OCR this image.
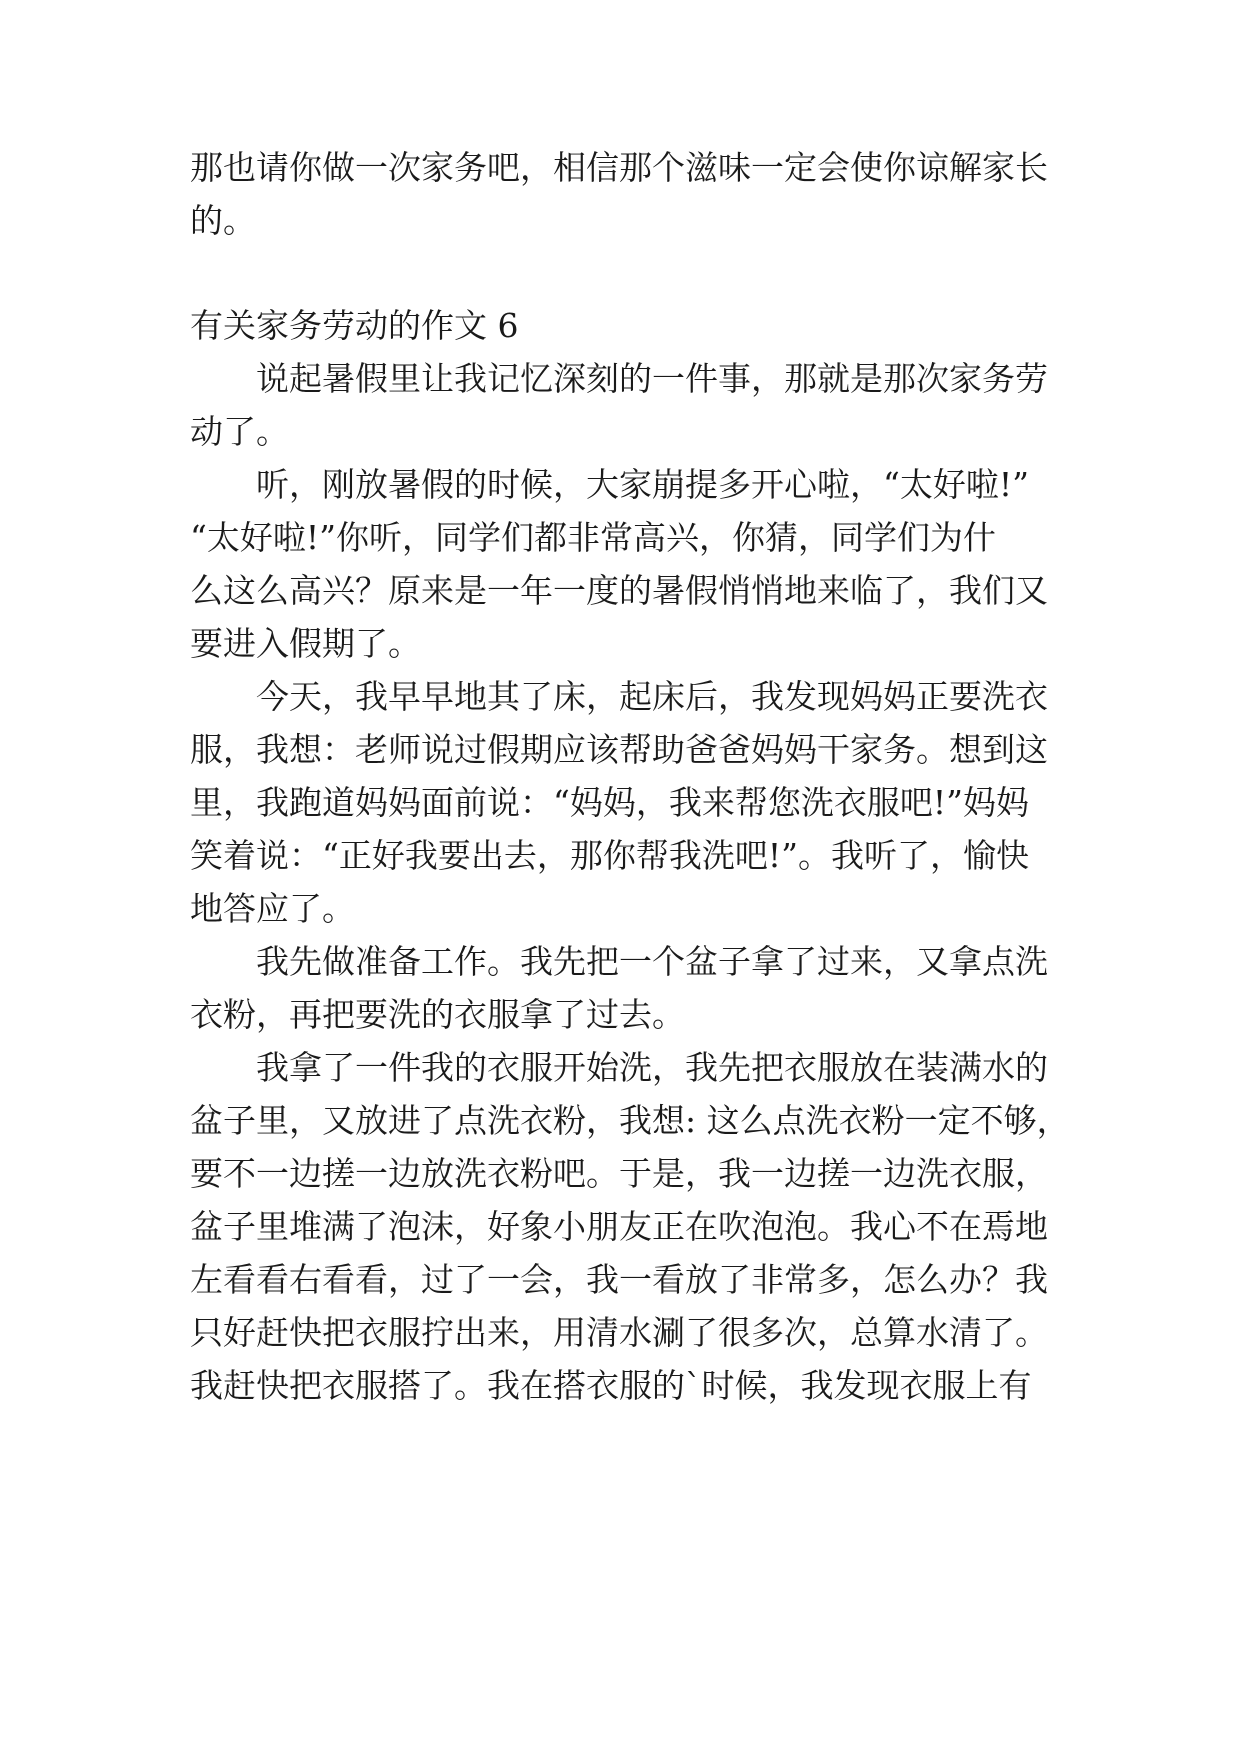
那也请你做一次家务吧，相信那个滋味一定会使你谅解家长

的。

有关家务劳动的作文 6

说起暑假里让我记忆深刻的一件事，那就是那次家务劳

动了。

听，刚放暑假的时候，大家崩提多开心啦，“太好啦!”

“太好啦!”你听，同学们都非常高兴，你猜，同学们为什

么这么高兴？原来是一年一度的暑假悄悄地来临了，我们又

要进入假期了。

今天，我早早地其了床，起床后，我发现妈妈正要洗衣

服，我想：老师说过假期应该帮助爸爸妈妈干家务。想到这

里，我跑道妈妈面前说：“妈妈，我来帮您洗衣服吧!”妈妈

笑着说：“正好我要出去，那你帮我洗吧!”。我听了，愉快

地答应了。

我先做准备工作。我先把一个盆子拿了过来，又拿点洗

衣粉，再把要洗的衣服拿了过去。

我拿了一件我的衣服开始洗，我先把衣服放在装满水的

盆子里，又放进了点洗衣粉，我想: 这么点洗衣粉一定不够，

要不一边搓一边放洗衣粉吧。于是，我一边搓一边洗衣服，

盆子里堆满了泡沫，好象小朋友正在吹泡泡。我心不在焉地

左看看右看看，过了一会，我一看放了非常多，怎么办？我

只好赶快把衣服拧出来，用清水涮了很多次，总算水清了。

我赶快把衣服搭了。我在搭衣服的`时候，我发现衣服上有
